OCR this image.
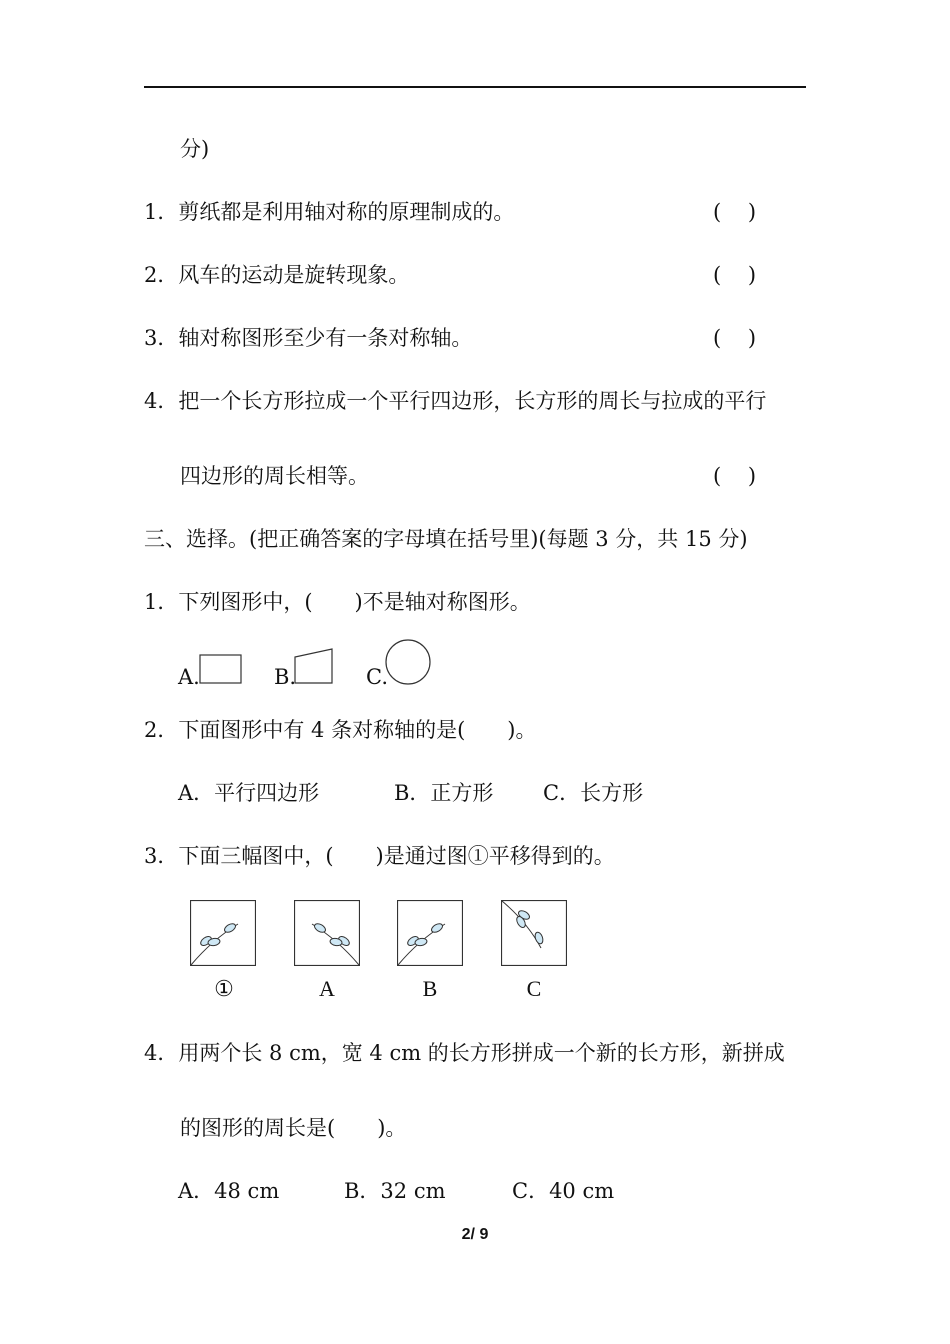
分)
1．剪纸都是利用轴对称的原理制成的。	(    )
2．风车的运动是旋转现象。	(    )
3．轴对称图形至少有一条对称轴。	(    )
4．把一个长方形拉成一个平行四边形，长方形的周长与拉成的平行
四边形的周长相等。	(    )
三、选择。(把正确答案的字母填在括号里)(每题 3 分，共 15 分)
1．下列图形中，(　　)不是轴对称图形。
A.	B.	C.
2．下面图形中有 4 条对称轴的是(　　)。
A．平行四边形	B．正方形 C．长方形
3．下面三幅图中，(　　)是通过图①平移得到的。
①	A	B	C
4．用两个长 8 cm，宽 4 cm 的长方形拼成一个新的长方形，新拼成
的图形的周长是(　　)。
A．48 cm	B．32 cm	C．40 cm
2/ 9
